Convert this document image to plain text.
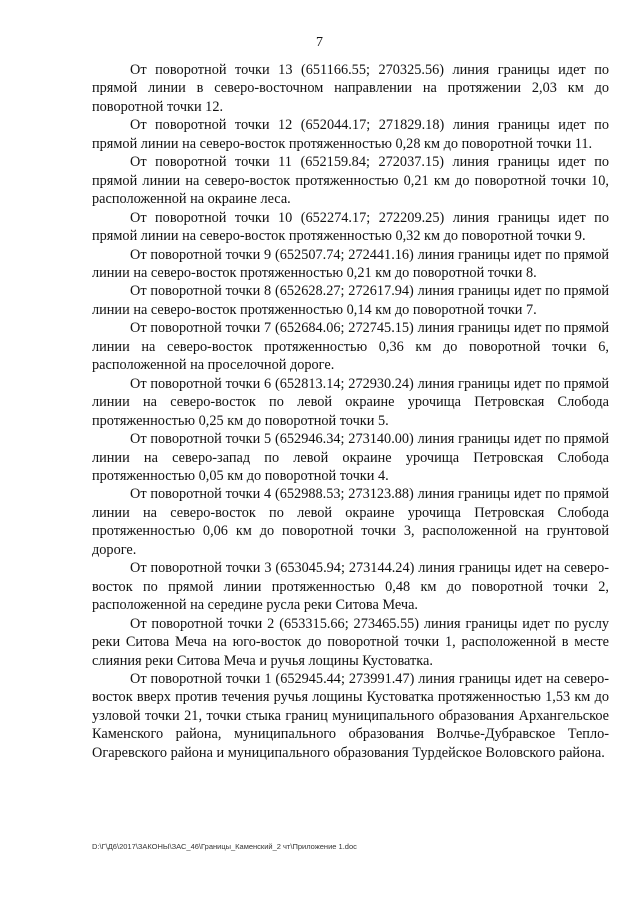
7

От поворотной точки 13 (651166.55; 270325.56) линия границы идет по прямой линии в северо-восточном направлении на протяжении 2,03 км до поворотной точки 12.

От поворотной точки 12 (652044.17; 271829.18) линия границы идет по прямой линии на северо-восток протяженностью 0,28 км до поворотной точки 11.

От поворотной точки 11 (652159.84; 272037.15) линия границы идет по прямой линии на северо-восток протяженностью 0,21 км до поворотной точки 10, расположенной на окраине леса.

От поворотной точки 10 (652274.17; 272209.25) линия границы идет по прямой линии на северо-восток протяженностью 0,32 км до поворотной точки 9.

От поворотной точки 9 (652507.74; 272441.16) линия границы идет по прямой линии на северо-восток протяженностью 0,21 км до поворотной точки 8.

От поворотной точки 8 (652628.27; 272617.94) линия границы идет по прямой линии на северо-восток протяженностью 0,14 км до поворотной точки 7.

От поворотной точки 7 (652684.06; 272745.15) линия границы идет по прямой линии на северо-восток протяженностью 0,36 км до поворотной точки 6, расположенной на проселочной дороге.

От поворотной точки 6 (652813.14; 272930.24) линия границы идет по прямой линии на северо-восток по левой окраине урочища Петровская Слобода протяженностью 0,25 км до поворотной точки 5.

От поворотной точки 5 (652946.34; 273140.00) линия границы идет по прямой линии на северо-запад по левой окраине урочища Петровская Слобода протяженностью 0,05 км до поворотной точки 4.

От поворотной точки 4 (652988.53; 273123.88) линия границы идет по прямой линии на северо-восток по левой окраине урочища Петровская Слобода протяженностью 0,06 км до поворотной точки 3, расположенной на грунтовой дороге.

От поворотной точки 3 (653045.94; 273144.24) линия границы идет на северо-восток по прямой линии протяженностью 0,48 км до поворотной точки 2, расположенной на середине русла реки Ситова Меча.

От поворотной точки 2 (653315.66; 273465.55) линия границы идет по руслу реки Ситова Меча на юго-восток до поворотной точки 1, расположенной в месте слияния реки Ситова Меча и ручья лощины Кустоватка.

От поворотной точки 1 (652945.44; 273991.47) линия границы идет на северо-восток вверх против течения ручья лощины Кустоватка протяженностью 1,53 км до узловой точки 21, точки стыка границ муниципального образования Архангельское Каменского района, муниципального образования Волчье-Дубравское Тепло-Огаревского района и муниципального образования Турдейское Воловского района.

D:\Г\Д6\2017\ЗАКОНЫ\ЗАС_46\Границы_Каменский_2 чт\Приложение 1.doc
